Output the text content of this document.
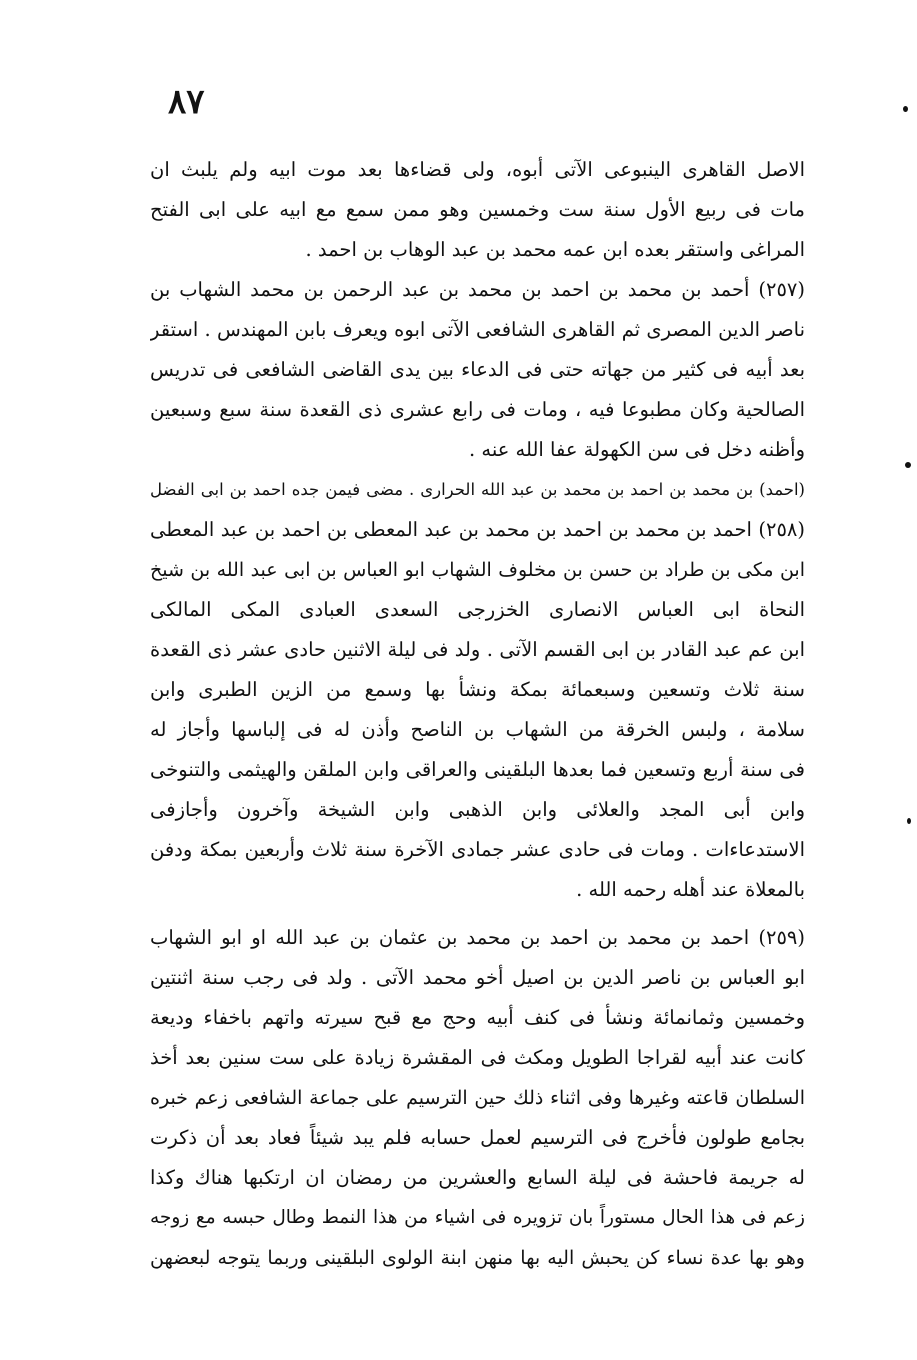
٨٧
الاصل القاهرى الينبوعى الآتى أبوه، ولى قضاءها بعد موت ابيه ولم يلبث ان
مات فى ربيع الأول سنة ست وخمسين وهو ممن سمع مع ابيه على ابى الفتح
المراغى واستقر بعده ابن عمه محمد بن عبد الوهاب بن احمد .
(٢٥٧) أحمد بن محمد بن احمد بن محمد بن عبد الرحمن بن محمد الشهاب بن
ناصر الدين المصرى ثم القاهرى الشافعى الآتى ابوه ويعرف بابن المهندس . استقر
بعد أبيه فى كثير من جهاته حتى فى الدعاء بين يدى القاضى الشافعى فى تدريس
الصالحية وكان مطبوعا فيه ، ومات فى رابع عشرى ذى القعدة سنة سبع وسبعين
وأظنه دخل فى سن الكهولة عفا الله عنه .
(احمد) بن محمد بن احمد بن محمد بن عبد الله الحرارى . مضى فيمن جده احمد بن ابى الفضل
(٢٥٨) احمد بن محمد بن احمد بن محمد بن عبد المعطى بن احمد بن عبد المعطى
ابن مكى بن طراد بن حسن بن مخلوف الشهاب ابو العباس بن ابى عبد الله بن شيخ
النحاة ابى العباس الانصارى الخزرجى السعدى العبادى المكى المالكى
ابن عم عبد القادر بن ابى القسم الآتى . ولد فى ليلة الاثنين حادى عشر ذى القعدة
سنة ثلاث وتسعين وسبعمائة بمكة ونشأ بها وسمع من الزين الطبرى وابن
سلامة ، ولبس الخرقة من الشهاب بن الناصح وأذن له فى إلباسها وأجاز له
فى سنة أربع وتسعين فما بعدها البلقينى والعراقى وابن الملقن والهيثمى والتنوخى
وابن أبى المجد والعلائى وابن الذهبى وابن الشيخة وآخرون وأجازفى
الاستدعاءات . ومات فى حادى عشر جمادى الآخرة سنة ثلاث وأربعين بمكة ودفن
بالمعلاة عند أهله رحمه الله .
(٢٥٩) احمد بن محمد بن احمد بن محمد بن عثمان بن عبد الله او ابو الشهاب
ابو العباس بن ناصر الدين بن اصيل أخو محمد الآتى . ولد فى رجب سنة اثنتين
وخمسين وثمانمائة ونشأ فى كنف أبيه وحج مع قبح سيرته واتهم باخفاء وديعة
كانت عند أبيه لقراجا الطويل ومكث فى المقشرة زيادة على ست سنين بعد أخذ
السلطان قاعته وغيرها وفى اثناء ذلك حين الترسيم على جماعة الشافعى زعم خبره
بجامع طولون فأخرج فى الترسيم لعمل حسابه فلم يبد شيئاً فعاد بعد أن ذكرت
له جريمة فاحشة فى ليلة السابع والعشرين من رمضان ان ارتكبها هناك وكذا
زعم فى هذا الحال مستوراً بان تزويره فى اشياء من هذا النمط وطال حبسه مع زوجه
وهو بها عدة نساء كن يحبش اليه بها منهن ابنة الولوى البلقينى وربما يتوجه لبعضهن
